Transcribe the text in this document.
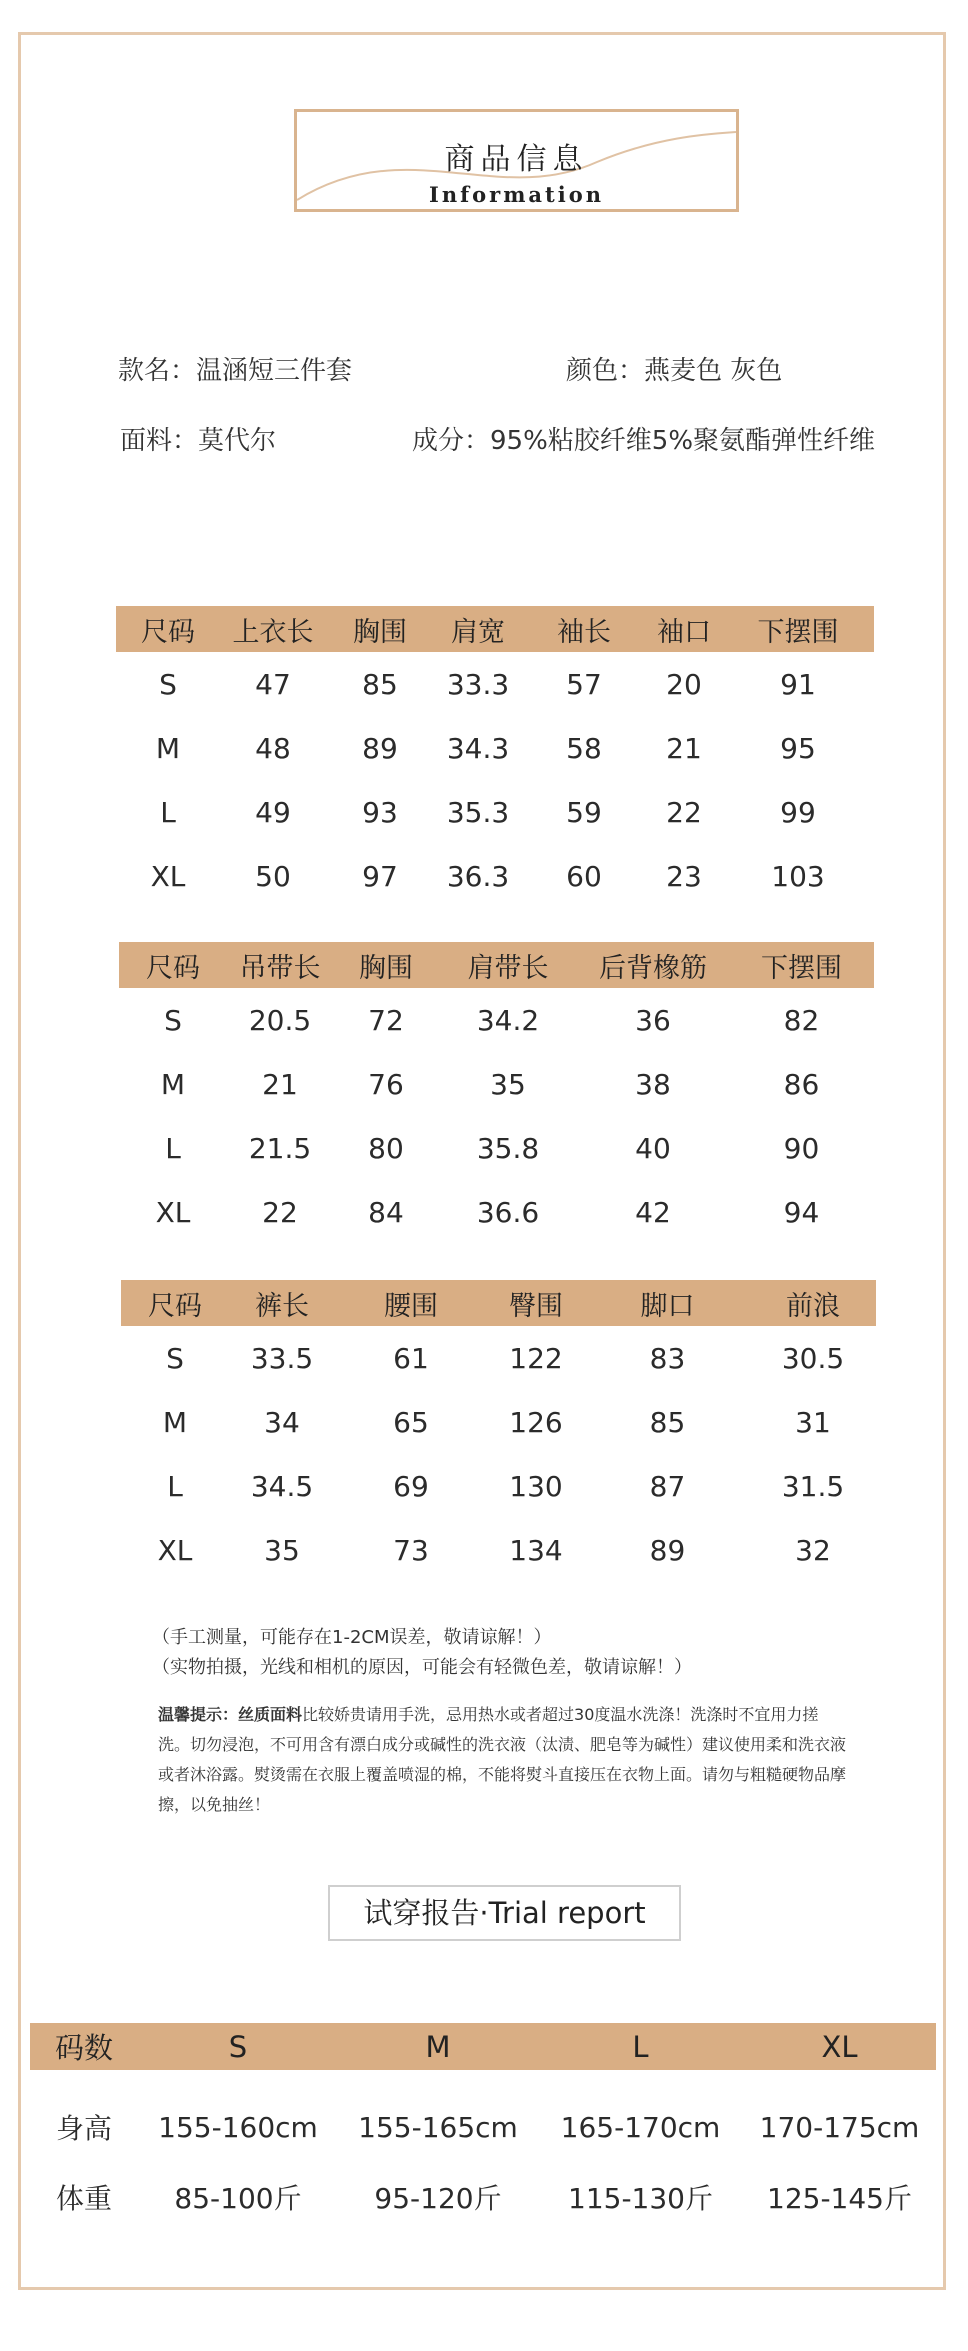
商品信息
Information
款名：温涵短三件套	颜色：燕麦色 灰色
面料：莫代尔	成分：95%粘胶纤维5%聚氨酯弹性纤维
尺码	上衣长	胸围	肩宽	袖长	袖口	下摆围
S	47	85	33.3	57	20	91
M	48	89	34.3	58	21	95
L	49	93	35.3	59	22	99
XL	50	97	36.3	60	23	103
尺码	吊带长	胸围	肩带长	后背橡筋	下摆围
S	20.5	72	34.2	36	82
M	21	76	35	38	86
L	21.5	80	35.8	40	90
XL	22	84	36.6	42	94
尺码	裤长	腰围	臀围	脚口	前浪
S	33.5	61	122	83	30.5
M	34	65	126	85	31
L	34.5	69	130	87	31.5
XL	35	73	134	89	32
（手工测量，可能存在1-2CM误差，敬请谅解！）
（实物拍摄，光线和相机的原因，可能会有轻微色差，敬请谅解！）
温馨提示：丝质面料比较娇贵请用手洗，忌用热水或者超过30度温水洗涤！洗涤时不宜用力搓洗。切勿浸泡，不可用含有漂白成分或碱性的洗衣液（汰渍、肥皂等为碱性）建议使用柔和洗衣液或者沐浴露。熨烫需在衣服上覆盖喷湿的棉，不能将熨斗直接压在衣物上面。请勿与粗糙硬物品摩擦，以免抽丝！
试穿报告·Trial report
码数	S	M	L	XL
身高	155-160cm	155-165cm	165-170cm	170-175cm
体重	85-100斤	95-120斤	115-130斤	125-145斤
